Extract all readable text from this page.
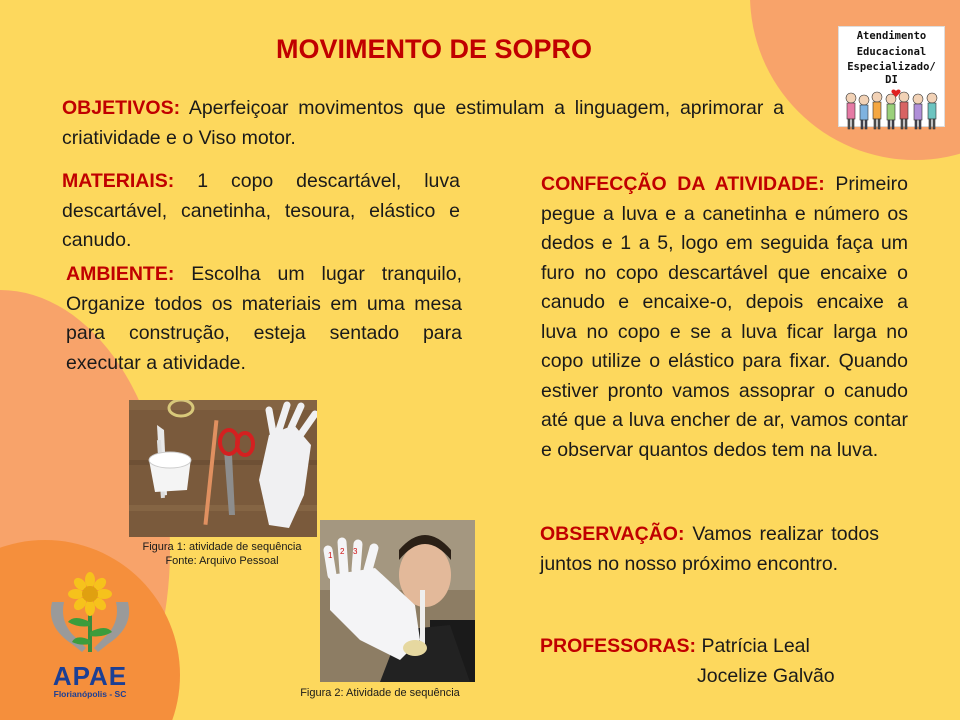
Atendimento
Educacional
Especializado/ DI
MOVIMENTO DE SOPRO
OBJETIVOS: Aperfeiçoar movimentos que estimulam a linguagem, aprimorar a criatividade e o Viso motor.
MATERIAIS: 1 copo descartável, luva descartável, canetinha, tesoura, elástico e canudo.
AMBIENTE: Escolha um lugar tranquilo, Organize todos os materiais em uma mesa para construção, esteja sentado para executar a atividade.
CONFECÇÃO DA ATIVIDADE: Primeiro pegue a luva e a canetinha e número os dedos e 1 a 5, logo em seguida faça um furo no copo descartável que encaixe o canudo e encaixe-o, depois encaixe a luva no copo e se a luva ficar larga no copo utilize o elástico para fixar. Quando estiver pronto vamos assoprar o canudo até que a luva encher de ar, vamos contar e observar quantos dedos tem na luva.
Figura 1: atividade de sequência
Fonte: Arquivo Pessoal	1 2 3
Figura 2: Atividade de sequência
OBSERVAÇÃO: Vamos realizar todos juntos no nosso próximo encontro.
PROFESSORAS: Patrícia Leal
Jocelize Galvão
APAE
Florianópolis - SC
